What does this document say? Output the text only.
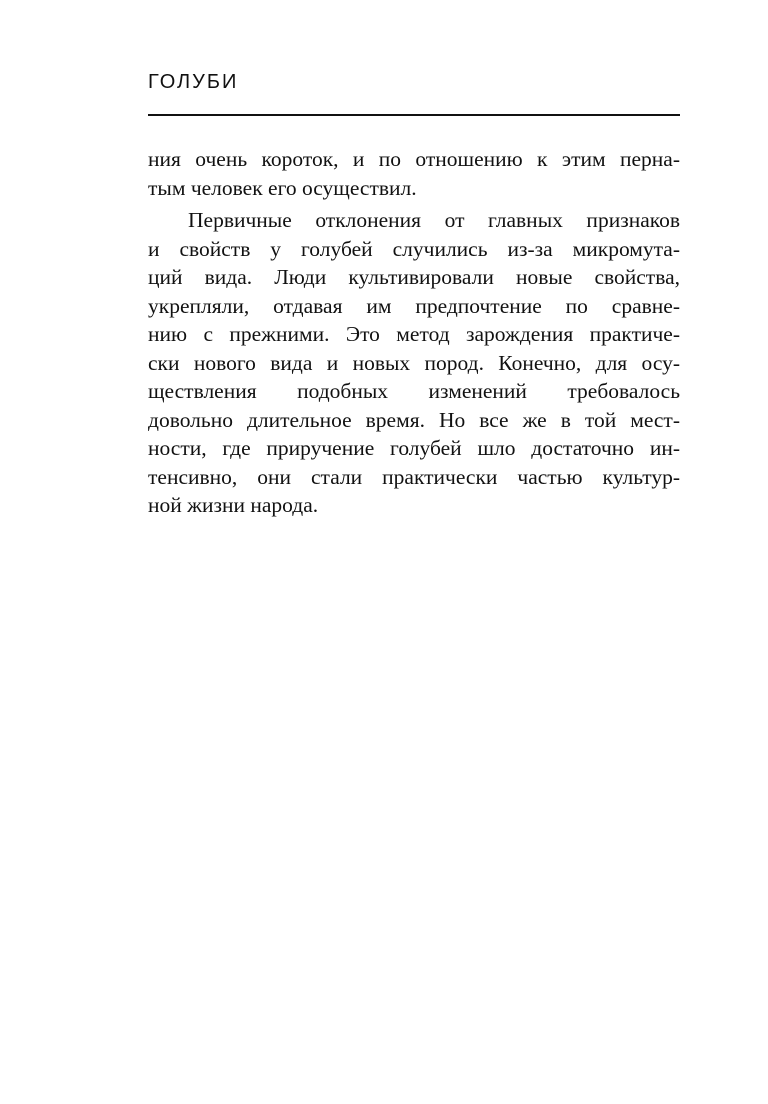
ГОЛУБИ
ния очень короток, и по отношению к этим перна-
тым человек его осуществил.
Первичные отклонения от главных признаков
и свойств у голубей случились из-за микромута-
ций вида. Люди культивировали новые свойства,
укрепляли, отдавая им предпочтение по сравне-
нию с прежними. Это метод зарождения практиче-
ски нового вида и новых пород. Конечно, для осу-
ществления подобных изменений требовалось
довольно длительное время. Но все же в той мест-
ности, где приручение голубей шло достаточно ин-
тенсивно, они стали практически частью культур-
ной жизни народа.
